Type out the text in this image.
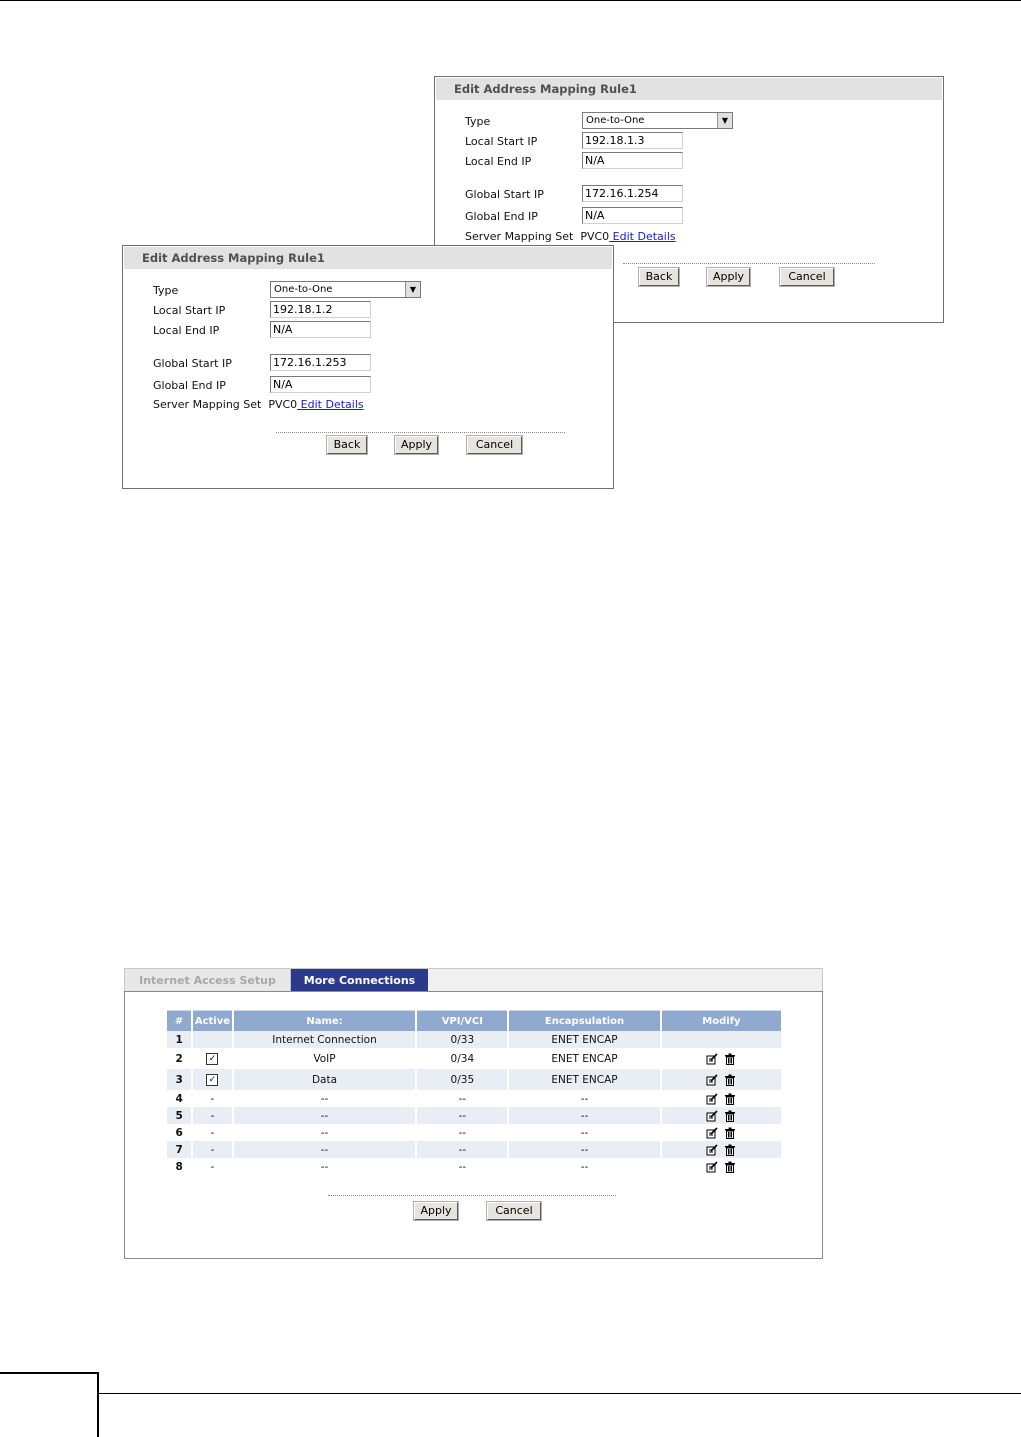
Edit Address Mapping Rule1
Type	One-to-One	▼
Local Start IP	192.18.1.3
Local End IP	N/A
Global Start IP	172.16.1.254
Global End IP	N/A
Server Mapping Set PVC0 Edit Details
Back	Apply	Cancel
Edit Address Mapping Rule1
Type	One-to-One	▼
Local Start IP	192.18.1.2
Local End IP	N/A
Global Start IP	172.16.1.253
Global End IP	N/A
Server Mapping Set PVC0 Edit Details
Back	Apply	Cancel
Internet Access Setup	More Connections
#	Active	Name:	VPI/VCI	Encapsulation	Modify
1		Internet Connection	0/33	ENET ENCAP	
2	✓	VoIP	0/34	ENET ENCAP	
3	✓	Data	0/35	ENET ENCAP	
4	-	--	--	--	
5	-	--	--	--	
6	-	--	--	--	
7	-	--	--	--	
8	-	--	--	--	
Apply	Cancel
